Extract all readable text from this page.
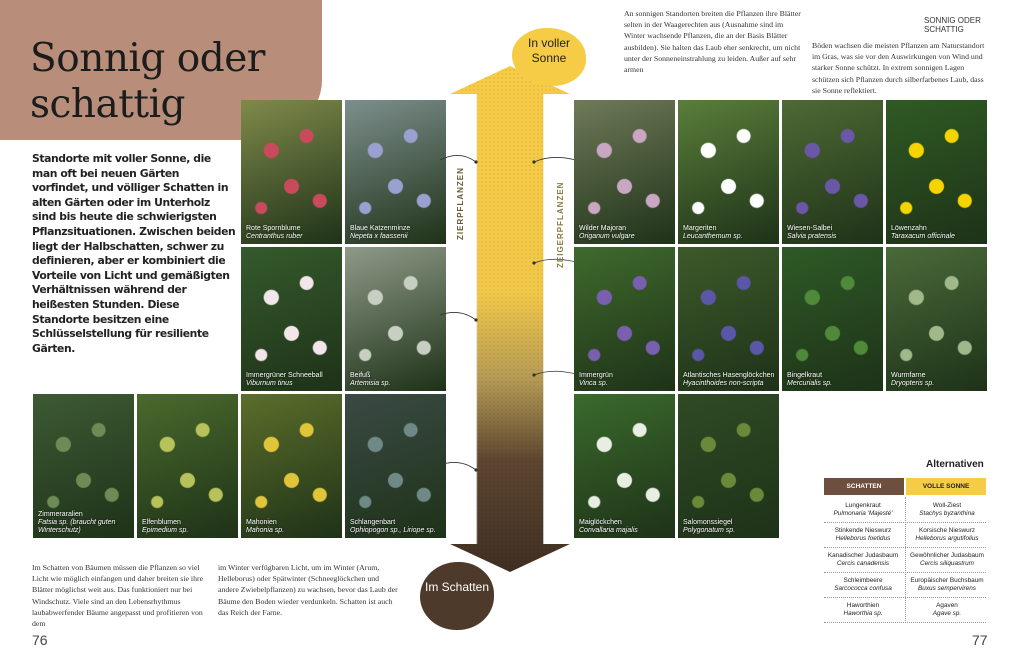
Sonnig oder
schattig
Standorte mit voller Sonne, die man oft bei neuen Gärten vorfindet, und völliger Schatten in alten Gärten oder im Unterholz sind bis heute die schwierigsten Pflanzsituationen. Zwischen beiden liegt der Halbschatten, schwer zu definieren, aber er kombiniert die Vorteile von Licht und gemäßigten Verhältnissen während der heißesten Stunden. Diese Standorte besitzen eine Schlüsselstellung für resiliente Gärten.
Rote Spornblume
Centranthus ruber
Blaue Katzenminze
Nepeta x faassenii
Immergrüner Schneeball
Viburnum tinus
Beifuß
Artemisia sp.
Zimmeraralien
Fatsia sp. (braucht guten Winterschutz)
Elfenblumen
Epimedium sp.
Mahonien
Mahonia sp.
Schlangenbart
Ophiopogon sp., Liriope sp.
Im Schatten von Bäumen müssen die Pflanzen so viel Licht wie möglich einfangen und daher breiten sie ihre Blätter möglichst weit aus. Das funktioniert nur bei Windschutz. Viele sind an den Lebensrhythmus laubabwerfender Bäume angepasst und profitieren von dem
im Winter verfügbaren Licht, um im Winter (Arum, Helleborus) oder Spätwinter (Schneeglöckchen und andere Zwiebelpflanzen) zu wachsen, bevor das Laub der Bäume den Boden wieder verdunkeln. Schatten ist auch das Reich der Farne.
76
ZIERPFLANZEN	ZEIGERPFLANZEN
In voller Sonne
Im Schatten
SONNIG ODER SCHATTIG
An sonnigen Standorten breiten die Pflanzen ihre Blätter selten in der Waagerechten aus (Ausnahme sind im Winter wachsende Pflanzen, die an der Basis Blätter ausbilden). Sie halten das Laub eher senkrecht, um nicht unter der Sonneneinstrahlung zu leiden. Außer auf sehr armen
Böden wachsen die meisten Pflanzen am Naturstandort im Gras, was sie vor den Auswirkungen von Wind und starker Sonne schützt. In extrem sonnigen Lagen schützen sich Pflanzen durch silberfarbenes Laub, dass sie Sonne reflektiert.
Wilder Majoran
Origanum vulgare
Margeriten
Leucanthemum sp.
Wiesen-Salbei
Salvia pratensis
Löwenzahn
Taraxacum officinale
Immergrün
Vinca sp.
Atlantisches Hasenglöckchen
Hyacinthoides non-scripta
Bingelkraut
Mercurialis sp.
Wurmfarne
Dryopteris sp.
Maiglöckchen
Convallaria majalis
Salomonssiegel
Polygonatum sp.
Alternativen
SCHATTEN	VOLLE SONNE
Lungenkraut
Pulmonaria 'Majesté'
Woll-Ziest
Stachys byzanthina
Stinkende Nieswurz
Helleborus foetidus
Korsische Nieswurz
Helleborus argutifolius
Kanadischer Judasbaum
Cercis canadensis
Gewöhnlicher Judasbaum
Cercis siliquastrum
Schleimbeere
Sarcococca confusa
Europäischer Buchsbaum
Buxus sempervirens
Haworthien
Haworthia sp.
Agaven
Agave sp.
77
